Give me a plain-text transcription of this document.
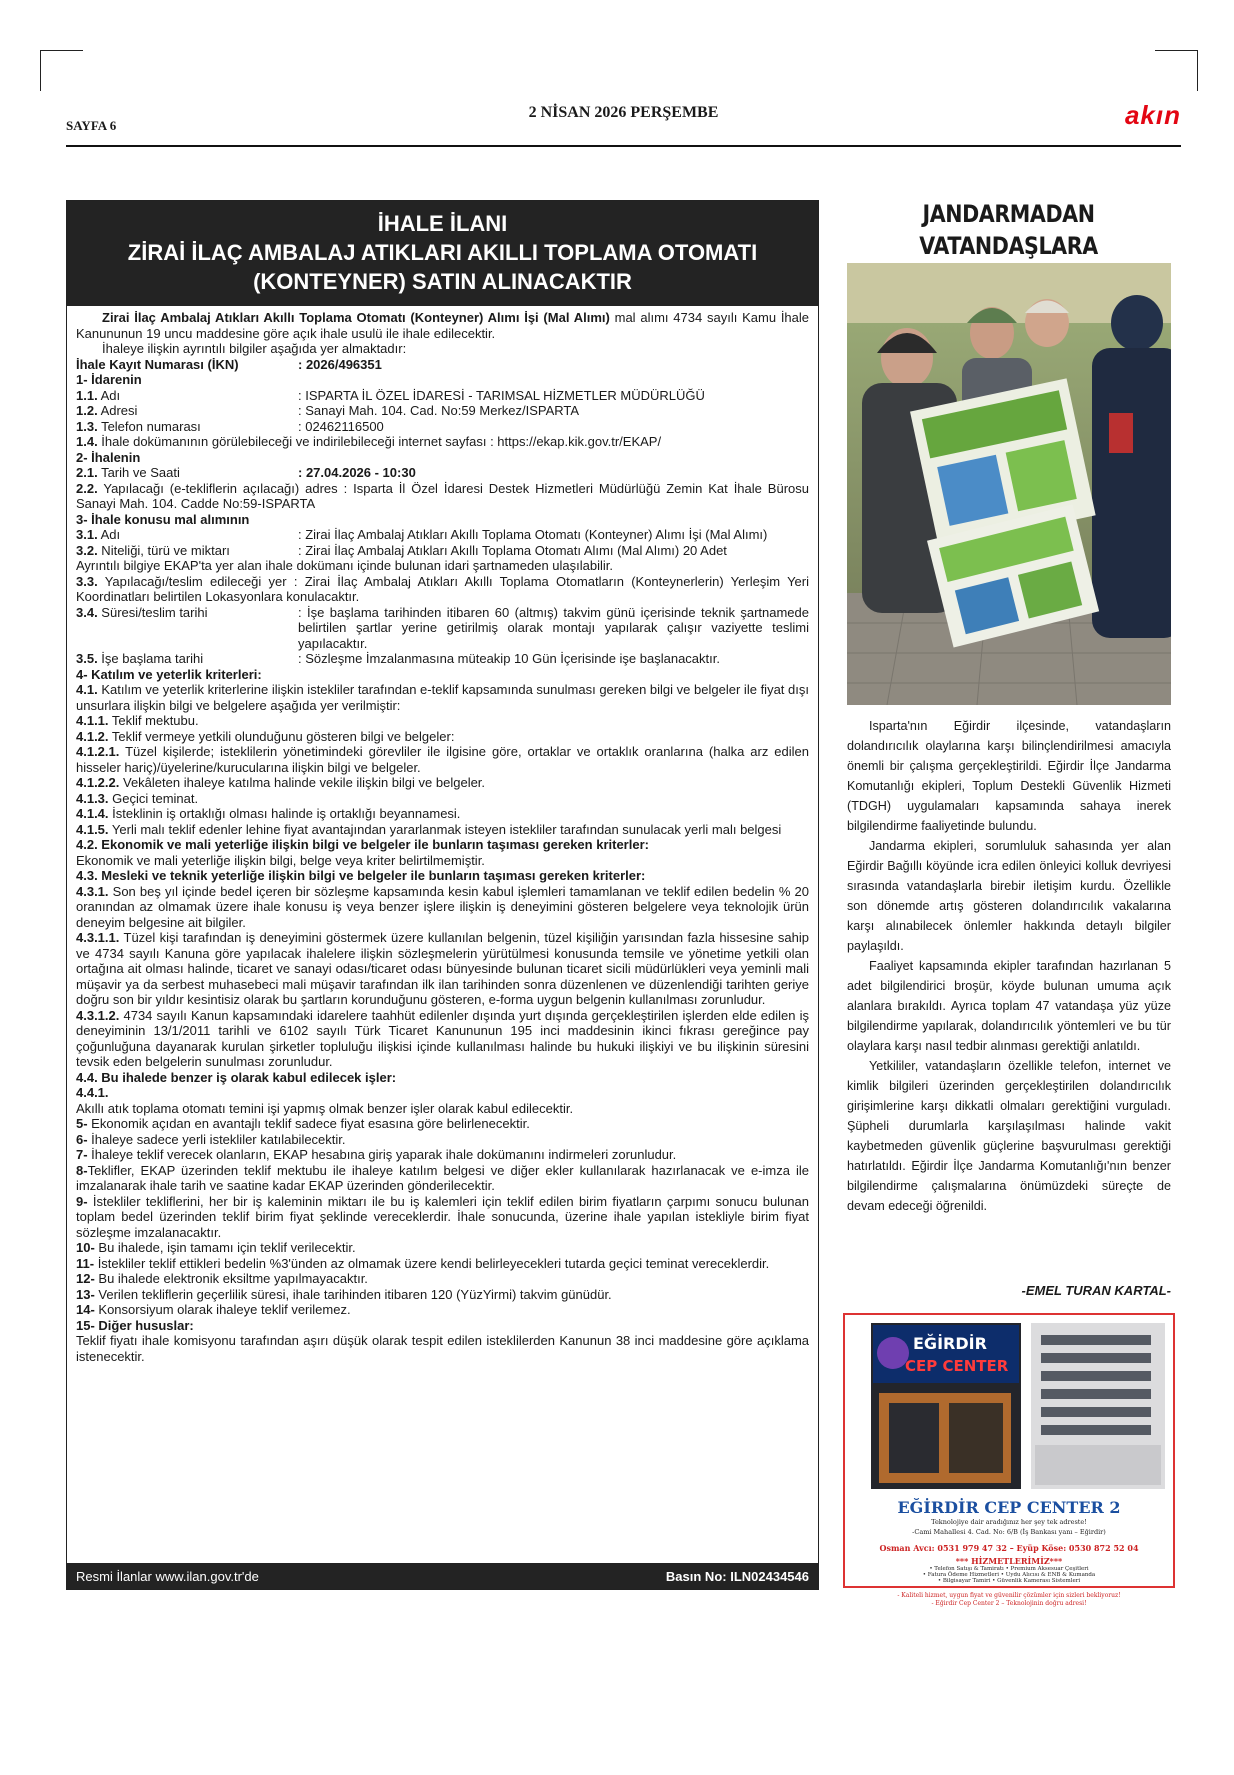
SAYFA 6
2 NİSAN 2026 PERŞEMBE	akın
İHALE İLANI
ZİRAİ İLAÇ AMBALAJ ATIKLARI AKILLI TOPLAMA OTOMATI
(KONTEYNER) SATIN ALINACAKTIR

Zirai İlaç Ambalaj Atıkları Akıllı Toplama Otomatı (Konteyner) Alımı İşi (Mal Alımı) mal alımı 4734 sayılı Kamu İhale Kanununun 19 uncu maddesine göre açık ihale usulü ile ihale edilecektir.

İhaleye ilişkin ayrıntılı bilgiler aşağıda yer almaktadır:

İhale Kayıt Numarası (İKN)	: 2026/496351

1- İdarenin

1.1. Adı	: ISPARTA İL ÖZEL İDARESİ - TARIMSAL HİZMETLER MÜDÜRLÜĞÜ
1.2. Adresi	: Sanayi Mah. 104. Cad. No:59 Merkez/ISPARTA
1.3. Telefon numarası	: 02462116500

1.4. İhale dokümanının görülebileceği ve indirilebileceği internet sayfası : https://ekap.kik.gov.tr/EKAP/

2- İhalenin

2.1. Tarih ve Saati	: 27.04.2026 - 10:30

2.2. Yapılacağı (e-tekliflerin açılacağı) adres : Isparta İl Özel İdaresi Destek Hizmetleri Müdürlüğü Zemin Kat İhale Bürosu Sanayi Mah. 104. Cadde No:59-ISPARTA

3- İhale konusu mal alımının

3.1. Adı	: Zirai İlaç Ambalaj Atıkları Akıllı Toplama Otomatı (Konteyner) Alımı İşi (Mal Alımı)
3.2. Niteliği, türü ve miktarı	: Zirai İlaç Ambalaj Atıkları Akıllı Toplama Otomatı Alımı (Mal Alımı) 20 Adet

Ayrıntılı bilgiye EKAP'ta yer alan ihale dokümanı içinde bulunan idari şartnameden ulaşılabilir.

3.3. Yapılacağı/teslim edileceği yer : Zirai İlaç Ambalaj Atıkları Akıllı Toplama Otomatların (Konteynerlerin) Yerleşim Yeri Koordinatları belirtilen Lokasyonlara konulacaktır.

3.4. Süresi/teslim tarihi	: İşe başlama tarihinden itibaren 60 (altmış) takvim günü içerisinde teknik şartnamede belirtilen şartlar yerine getirilmiş olarak montajı yapılarak çalışır vaziyette teslimi yapılacaktır.
3.5. İşe başlama tarihi	: Sözleşme İmzalanmasına müteakip 10 Gün İçerisinde işe başlanacaktır.

4- Katılım ve yeterlik kriterleri:

4.1. Katılım ve yeterlik kriterlerine ilişkin istekliler tarafından e-teklif kapsamında sunulması gereken bilgi ve belgeler ile fiyat dışı unsurlara ilişkin bilgi ve belgelere aşağıda yer verilmiştir:

4.1.1. Teklif mektubu.

4.1.2. Teklif vermeye yetkili olunduğunu gösteren bilgi ve belgeler:

4.1.2.1. Tüzel kişilerde; isteklilerin yönetimindeki görevliler ile ilgisine göre, ortaklar ve ortaklık oranlarına (halka arz edilen hisseler hariç)/üyelerine/kurucularına ilişkin bilgi ve belgeler.

4.1.2.2. Vekâleten ihaleye katılma halinde vekile ilişkin bilgi ve belgeler.

4.1.3. Geçici teminat.

4.1.4. İsteklinin iş ortaklığı olması halinde iş ortaklığı beyannamesi.

4.1.5. Yerli malı teklif edenler lehine fiyat avantajından yararlanmak isteyen istekliler tarafından sunulacak yerli malı belgesi

4.2. Ekonomik ve mali yeterliğe ilişkin bilgi ve belgeler ile bunların taşıması gereken kriterler:

Ekonomik ve mali yeterliğe ilişkin bilgi, belge veya kriter belirtilmemiştir.

4.3. Mesleki ve teknik yeterliğe ilişkin bilgi ve belgeler ile bunların taşıması gereken kriterler:

4.3.1. Son beş yıl içinde bedel içeren bir sözleşme kapsamında kesin kabul işlemleri tamamlanan ve teklif edilen bedelin % 20 oranından az olmamak üzere ihale konusu iş veya benzer işlere ilişkin iş deneyimini gösteren belgelere veya teknolojik ürün deneyim belgesine ait bilgiler.

4.3.1.1. Tüzel kişi tarafından iş deneyimini göstermek üzere kullanılan belgenin, tüzel kişiliğin yarısından fazla hissesine sahip ve 4734 sayılı Kanuna göre yapılacak ihalelere ilişkin sözleşmelerin yürütülmesi konusunda temsile ve yönetime yetkili olan ortağına ait olması halinde, ticaret ve sanayi odası/ticaret odası bünyesinde bulunan ticaret sicili müdürlükleri veya yeminli mali müşavir ya da serbest muhasebeci mali müşavir tarafından ilk ilan tarihinden sonra düzenlenen ve düzenlendiği tarihten geriye doğru son bir yıldır kesintisiz olarak bu şartların korunduğunu gösteren, e-forma uygun belgenin kullanılması zorunludur.

4.3.1.2. 4734 sayılı Kanun kapsamındaki idarelere taahhüt edilenler dışında yurt dışında gerçekleştirilen işlerden elde edilen iş deneyiminin 13/1/2011 tarihli ve 6102 sayılı Türk Ticaret Kanununun 195 inci maddesinin ikinci fıkrası gereğince pay çoğunluğuna dayanarak kurulan şirketler topluluğu ilişkisi içinde kullanılması halinde bu hukuki ilişkiyi ve bu ilişkinin süresini tevsik eden belgelerin sunulması zorunludur.

4.4. Bu ihalede benzer iş olarak kabul edilecek işler:

4.4.1.

Akıllı atık toplama otomatı temini işi yapmış olmak benzer işler olarak kabul edilecektir.

5- Ekonomik açıdan en avantajlı teklif sadece fiyat esasına göre belirlenecektir.

6- İhaleye sadece yerli istekliler katılabilecektir.

7- İhaleye teklif verecek olanların, EKAP hesabına giriş yaparak ihale dokümanını indirmeleri zorunludur.

8-Teklifler, EKAP üzerinden teklif mektubu ile ihaleye katılım belgesi ve diğer ekler kullanılarak hazırlanacak ve e-imza ile imzalanarak ihale tarih ve saatine kadar EKAP üzerinden gönderilecektir.

9- İstekliler tekliflerini, her bir iş kaleminin miktarı ile bu iş kalemleri için teklif edilen birim fiyatların çarpımı sonucu bulunan toplam bedel üzerinden teklif birim fiyat şeklinde vereceklerdir. İhale sonucunda, üzerine ihale yapılan istekliyle birim fiyat sözleşme imzalanacaktır.

10- Bu ihalede, işin tamamı için teklif verilecektir.

11- İstekliler teklif ettikleri bedelin %3'ünden az olmamak üzere kendi belirleyecekleri tutarda geçici teminat vereceklerdir.

12- Bu ihalede elektronik eksiltme yapılmayacaktır.

13- Verilen tekliflerin geçerlilik süresi, ihale tarihinden itibaren 120 (YüzYirmi) takvim günüdür.

14- Konsorsiyum olarak ihaleye teklif verilemez.

15- Diğer hususlar:

Teklif fiyatı ihale komisyonu tarafından aşırı düşük olarak tespit edilen isteklilerden Kanunun 38 inci maddesine göre açıklama istenecektir.

Resmi İlanlar www.ilan.gov.tr'de	Basın No: ILN02434546
JANDARMADAN VATANDAŞLARA

Isparta'nın Eğirdir ilçesinde, vatandaşların dolandırıcılık olaylarına karşı bilinçlendirilmesi amacıyla önemli bir çalışma gerçekleştirildi. Eğirdir İlçe Jandarma Komutanlığı ekipleri, Toplum Destekli Güvenlik Hizmeti (TDGH) uygulamaları kapsamında sahaya inerek bilgilendirme faaliyetinde bulundu.

Jandarma ekipleri, sorumluluk sahasında yer alan Eğirdir Bağıllı köyünde icra edilen önleyici kolluk devriyesi sırasında vatandaşlarla birebir iletişim kurdu. Özellikle son dönemde artış gösteren dolandırıcılık vakalarına karşı alınabilecek önlemler hakkında detaylı bilgiler paylaşıldı.

Faaliyet kapsamında ekipler tarafından hazırlanan 5 adet bilgilendirici broşür, köyde bulunan umuma açık alanlara bırakıldı. Ayrıca toplam 47 vatandaşa yüz yüze bilgilendirme yapılarak, dolandırıcılık yöntemleri ve bu tür olaylara karşı nasıl tedbir alınması gerektiği anlatıldı.

Yetkililer, vatandaşların özellikle telefon, internet ve kimlik bilgileri üzerinden gerçekleştirilen dolandırıcılık girişimlerine karşı dikkatli olmaları gerektiğini vurguladı. Şüpheli durumlarla karşılaşılması halinde vakit kaybetmeden güvenlik güçlerine başvurulması gerektiği hatırlatıldı. Eğirdir İlçe Jandarma Komutanlığı'nın benzer bilgilendirme çalışmalarına önümüzdeki süreçte de devam edeceği öğrenildi.

-EMEL TURAN KARTAL-
EĞİRDİR
CEP CENTER
EĞİRDİR CEP CENTER 2
Teknolojiye dair aradığınız her şey tek adreste!
-Cami Mahallesi 4. Cad. No: 6/B (İş Bankası yanı – Eğirdir)
Osman Avcı: 0531 979 47 32 – Eyüp Köse: 0530 872 52 04
*** HİZMETLERİMİZ***
• Telefon Satışı & Tamiratı • Premium Aksesuar Çeşitleri
• Fatura Ödeme Hizmetleri • Uydu Alıcısı & ENB & Kumanda
• Bilgisayar Tamiri • Güvenlik Kamerası Sistemleri
- Kaliteli hizmet, uygun fiyat ve güvenilir çözümler için sizleri bekliyoruz!
- Eğirdir Cep Center 2 – Teknolojinin doğru adresi!
